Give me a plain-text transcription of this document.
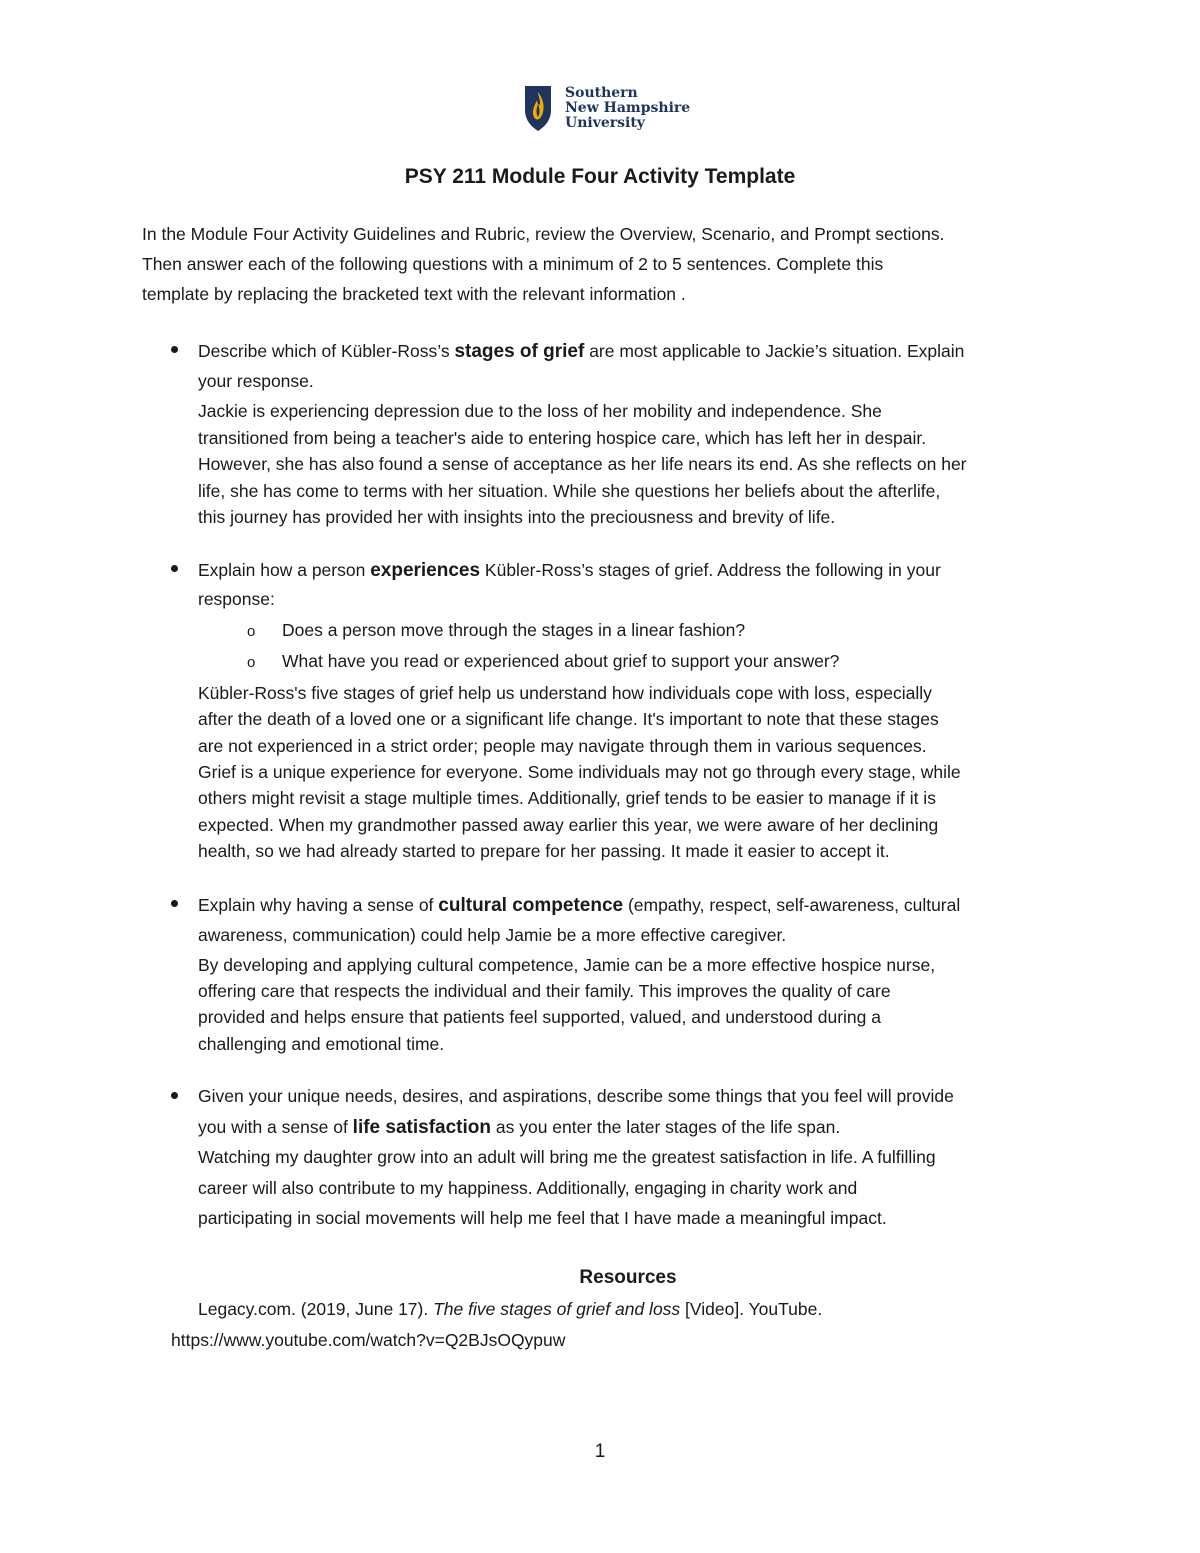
Southern
New Hampshire
University
PSY 211 Module Four Activity Template
In the Module Four Activity Guidelines and Rubric, review the Overview, Scenario, and Prompt sections.
Then answer each of the following questions with a minimum of 2 to 5 sentences. Complete this
template by replacing the bracketed text with the relevant information .
Describe which of Kübler-Ross’s stages of grief are most applicable to Jackie’s situation. Explain
your response.
Jackie is experiencing depression due to the loss of her mobility and independence. She
transitioned from being a teacher's aide to entering hospice care, which has left her in despair.
However, she has also found a sense of acceptance as her life nears its end. As she reflects on her
life, she has come to terms with her situation. While she questions her beliefs about the afterlife,
this journey has provided her with insights into the preciousness and brevity of life.
Explain how a person experiences Kübler-Ross’s stages of grief. Address the following in your
response:
o Does a person move through the stages in a linear fashion?
o What have you read or experienced about grief to support your answer?
Kübler-Ross's five stages of grief help us understand how individuals cope with loss, especially
after the death of a loved one or a significant life change. It's important to note that these stages
are not experienced in a strict order; people may navigate through them in various sequences.
Grief is a unique experience for everyone. Some individuals may not go through every stage, while
others might revisit a stage multiple times. Additionally, grief tends to be easier to manage if it is
expected. When my grandmother passed away earlier this year, we were aware of her declining
health, so we had already started to prepare for her passing. It made it easier to accept it.
Explain why having a sense of cultural competence (empathy, respect, self-awareness, cultural
awareness, communication) could help Jamie be a more effective caregiver.
By developing and applying cultural competence, Jamie can be a more effective hospice nurse,
offering care that respects the individual and their family. This improves the quality of care
provided and helps ensure that patients feel supported, valued, and understood during a
challenging and emotional time.
Given your unique needs, desires, and aspirations, describe some things that you feel will provide
you with a sense of life satisfaction as you enter the later stages of the life span.
Watching my daughter grow into an adult will bring me the greatest satisfaction in life. A fulfilling
career will also contribute to my happiness. Additionally, engaging in charity work and
participating in social movements will help me feel that I have made a meaningful impact.
Resources
Legacy.com. (2019, June 17). The five stages of grief and loss [Video]. YouTube.
https://www.youtube.com/watch?v=Q2BJsOQypuw
1
